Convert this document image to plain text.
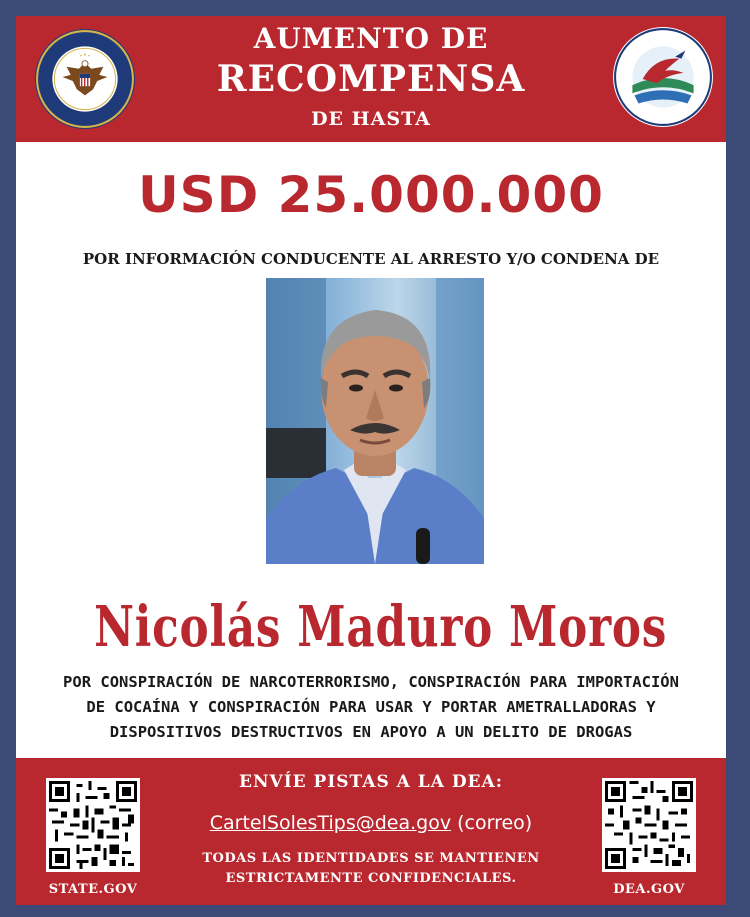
AUMENTO DE
RECOMPENSA
DE HASTA
USD 25.000.000
POR INFORMACIÓN CONDUCENTE AL ARRESTO Y/O CONDENA DE
Nicolás Maduro Moros
POR CONSPIRACIÓN DE NARCOTERRORISMO, CONSPIRACIÓN PARA IMPORTACIÓN
DE COCAÍNA Y CONSPIRACIÓN PARA USAR Y PORTAR AMETRALLADORAS Y
DISPOSITIVOS DESTRUCTIVOS EN APOYO A UN DELITO DE DROGAS
ENVÍE PISTAS A LA DEA:
CartelSolesTips@dea.gov (correo)
TODAS LAS IDENTIDADES SE MANTIENEN
ESTRICTAMENTE CONFIDENCIALES.
STATE.GOV	DEA.GOV
